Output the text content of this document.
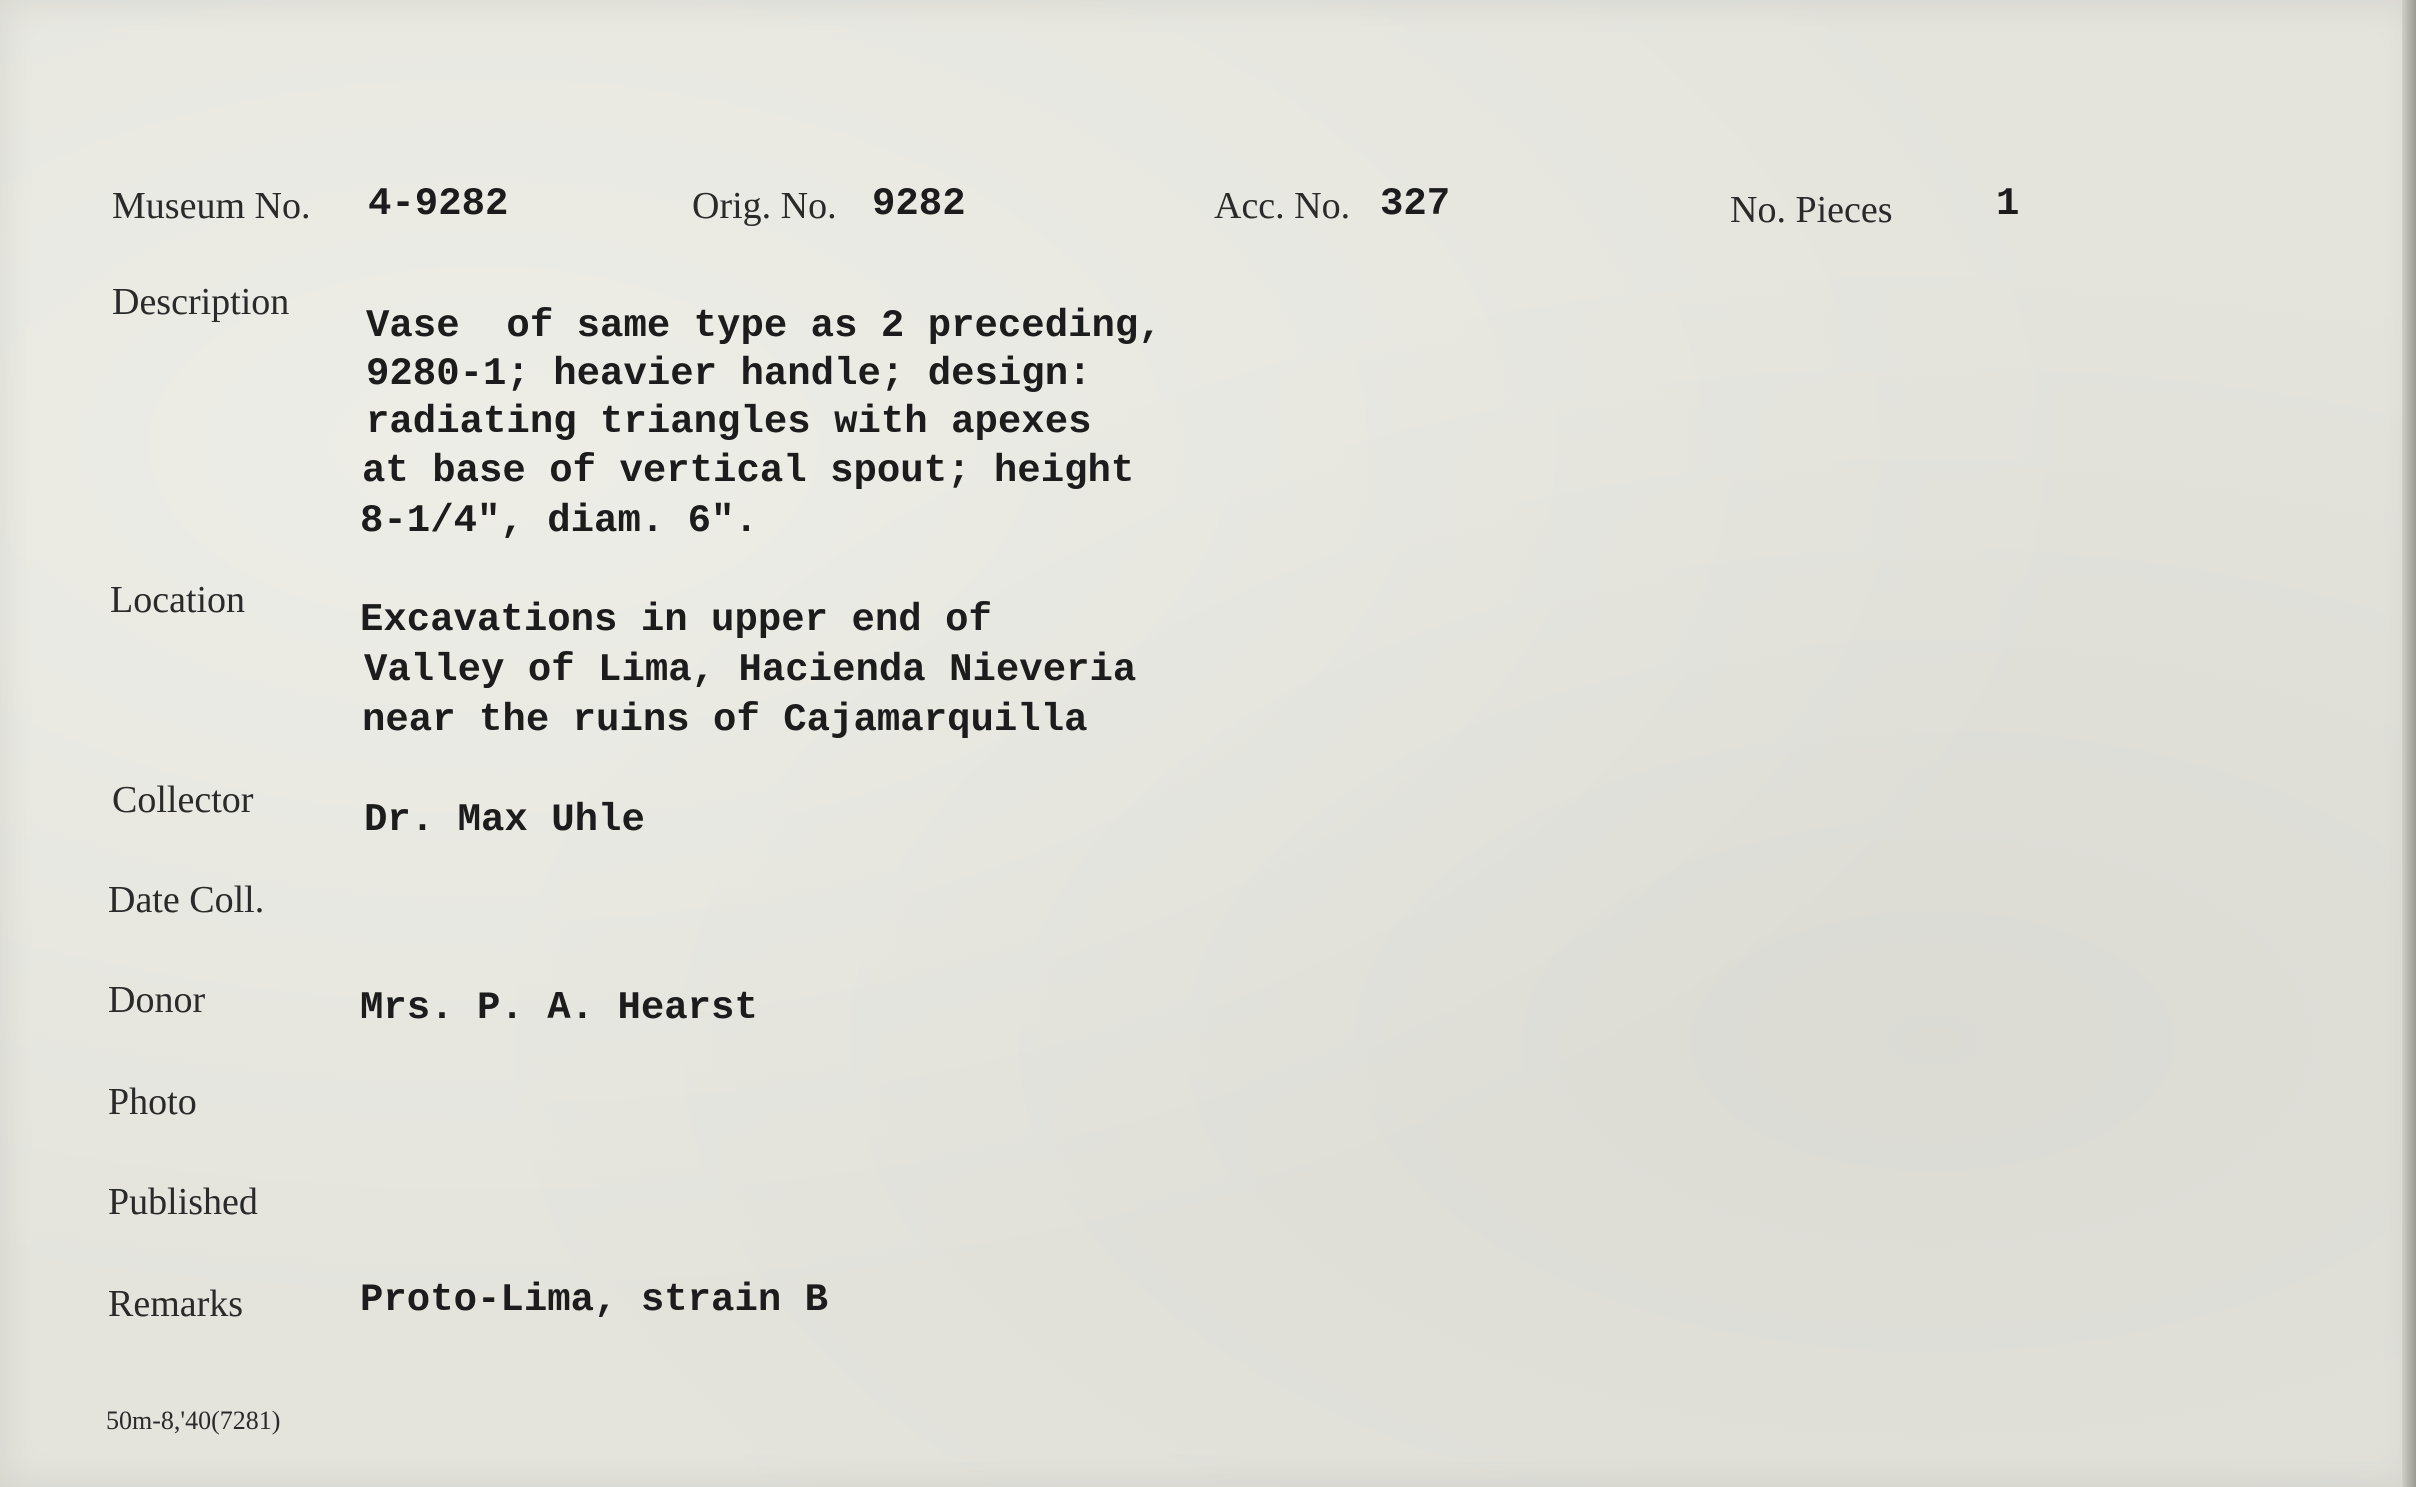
Museum No. 4-9282	Orig. No. 9282	Acc. No. 327	No. Pieces	1
Description
Vase  of same type as 2 preceding,
9280-1; heavier handle; design:
radiating triangles with apexes
at base of vertical spout; height
8-1/4", diam. 6".
Location	Excavations in upper end of
Valley of Lima, Hacienda Nieveria
near the ruins of Cajamarquilla
Collector	Dr. Max Uhle
Date Coll.
Donor	Mrs. P. A. Hearst
Photo
Published
Remarks	Proto-Lima, strain B
50m-8,'40(7281)
